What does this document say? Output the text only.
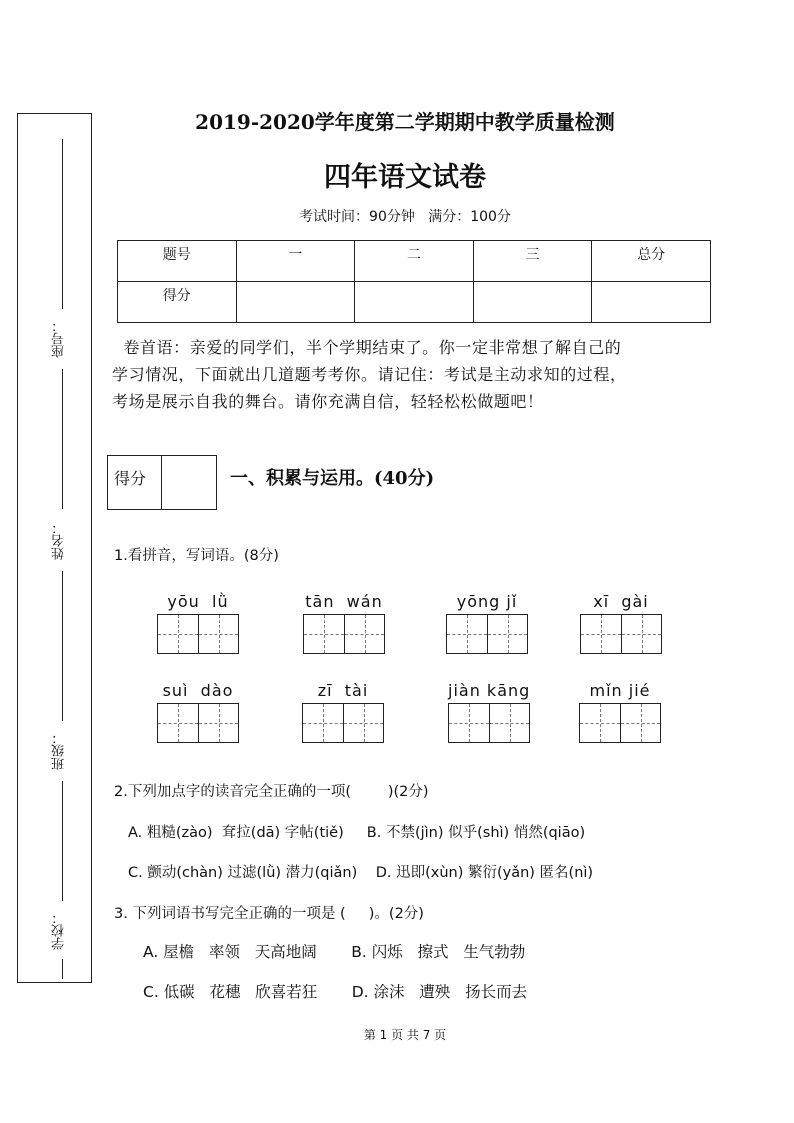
座号：
姓名：
班级：
学校：
2019-2020学年度第二学期期中教学质量检测
四年语文试卷
考试时间：90分钟   满分：100分
题号	一	二	三	总分
得分				

卷首语：亲爱的同学们，半个学期结束了。你一定非常想了解自己的

学习情况，下面就出几道题考考你。请记住：考试是主动求知的过程，

考场是展示自我的舞台。请你充满自信，轻轻松松做题吧！

得分	一、积累与运用。(40分)
1.看拼音，写词语。(8分)
yōu  lǜ	tān  wán	yōng jǐ	xī  gài
suì  dào	zī  tài	jiàn kāng	mǐn jié
2.下列加点字的读音完全正确的一项(        )(2分)
A. 粗糙(zào)  耷拉(dā) 字帖(tiě)     B. 不禁(jìn) 似乎(shì) 悄然(qiāo)
C. 颤动(chàn) 过滤(lǜ) 潜力(qiǎn)    D. 迅即(xùn) 繁衍(yǎn) 匿名(nì)
3. 下列词语书写完全正确的一项是 (     )。(2分)
A. 屋檐   率领   天高地阔       B. 闪烁   擦式   生气勃勃
C. 低碳   花穗   欣喜若狂       D. 涂沫   遭殃   扬长而去
第 1 页 共 7 页
